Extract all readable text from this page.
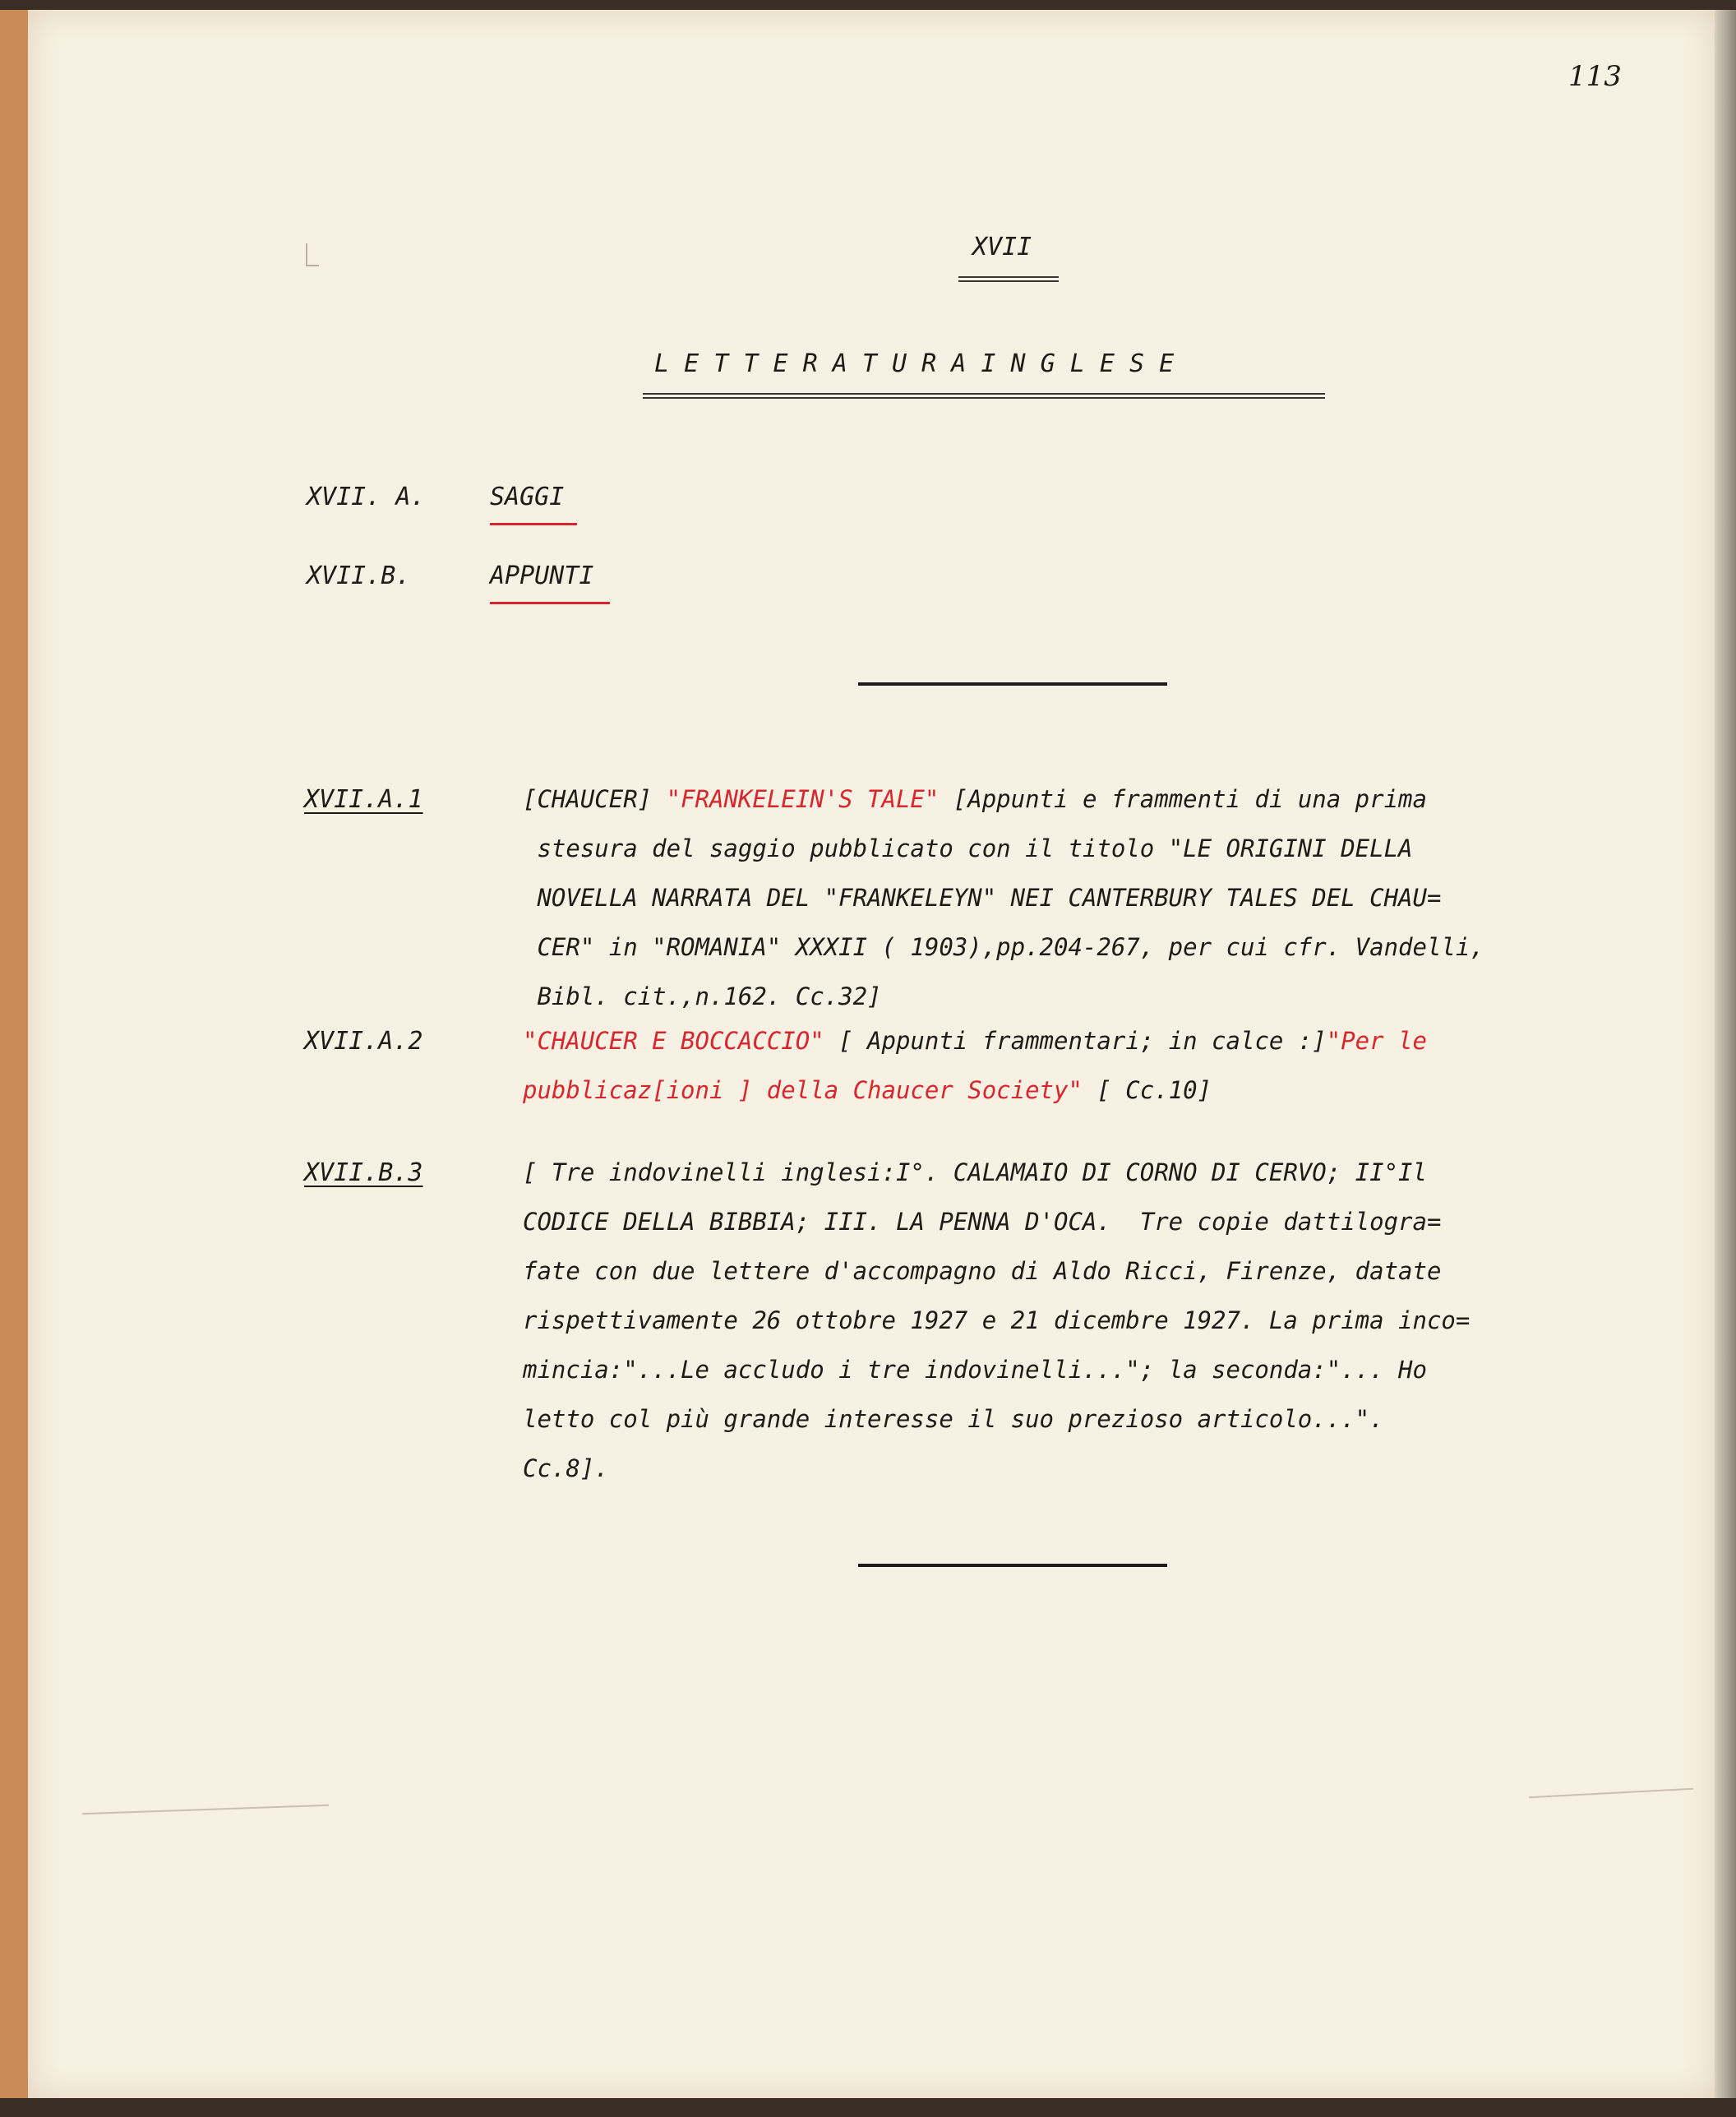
113
XVII
L E T T E R A T U R A I N G L E S E
XVII. A.	SAGGI
XVII.B.	APPUNTI
XVII.A.1
XVII.A.2
XVII.B.3
[CHAUCER] "FRANKELEIN'S TALE" [Appunti e frammenti di una prima
stesura del saggio pubblicato con il titolo "LE ORIGINI DELLA
NOVELLA NARRATA DEL "FRANKELEYN" NEI CANTERBURY TALES DEL CHAU=
CER" in "ROMANIA" XXXII ( 1903),pp.204-267, per cui cfr. Vandelli,
Bibl. cit.,n.162. Cc.32]
"CHAUCER E BOCCACCIO" [ Appunti frammentari; in calce :]"Per le
pubblicaz[ioni ] della Chaucer Society" [ Cc.10]
[ Tre indovinelli inglesi:I°. CALAMAIO DI CORNO DI CERVO; II°Il
CODICE DELLA BIBBIA; III. LA PENNA D'OCA.  Tre copie dattilogra=
fate con due lettere d'accompagno di Aldo Ricci, Firenze, datate
rispettivamente 26 ottobre 1927 e 21 dicembre 1927. La prima inco=
mincia:"...Le accludo i tre indovinelli..."; la seconda:"... Ho
letto col più grande interesse il suo prezioso articolo...".
Cc.8].
